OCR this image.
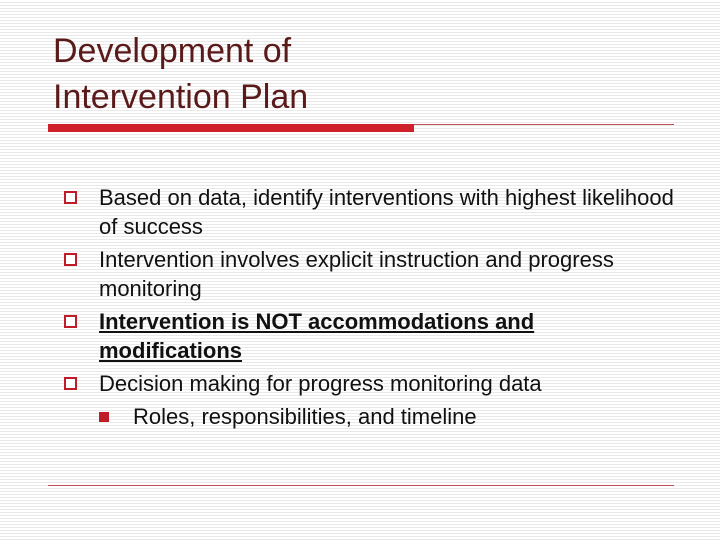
Development of
Intervention Plan
Based on data, identify interventions with highest likelihood of success
Intervention involves explicit instruction and progress monitoring
Intervention is NOT accommodations and modifications
Decision making for progress monitoring data
Roles, responsibilities, and timeline
